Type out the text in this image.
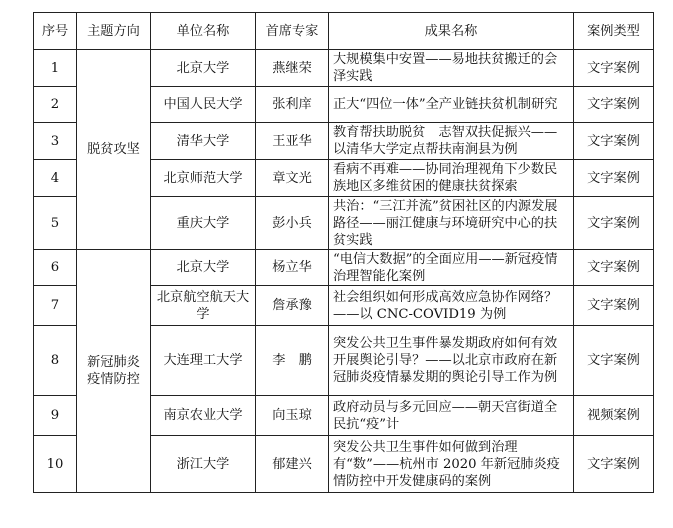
序号	主题方向	单位名称	首席专家	成果名称	案例类型
1	脱贫攻坚	北京大学	燕继荣	大规模集中安置——易地扶贫搬迁的会泽实践	文字案例
2		中国人民大学	张利庠	正大“四位一体”全产业链扶贫机制研究	文字案例
3		清华大学	王亚华	教育帮扶助脱贫　志智双扶促振兴——以清华大学定点帮扶南涧县为例	文字案例
4		北京师范大学	章文光	看病不再难——协同治理视角下少数民族地区多维贫困的健康扶贫探索	文字案例
5		重庆大学	彭小兵	共治：“三江并流”贫困社区的内源发展路径——丽江健康与环境研究中心的扶贫实践	文字案例
6	新冠肺炎疫情防控	北京大学	杨立华	“电信大数据”的全面应用——新冠疫情治理智能化案例	文字案例
7		北京航空航天大学	詹承豫	社会组织如何形成高效应急协作网络？——以 CNC-COVID19 为例	文字案例
8		大连理工大学	李　鹏	突发公共卫生事件暴发期政府如何有效开展舆论引导？——以北京市政府在新冠肺炎疫情暴发期的舆论引导工作为例	文字案例
9		南京农业大学	向玉琼	政府动员与多元回应——朝天宫街道全民抗“疫”计	视频案例
10		浙江大学	郁建兴	突发公共卫生事件如何做到治理有“数”——杭州市 2020 年新冠肺炎疫情防控中开发健康码的案例	文字案例
